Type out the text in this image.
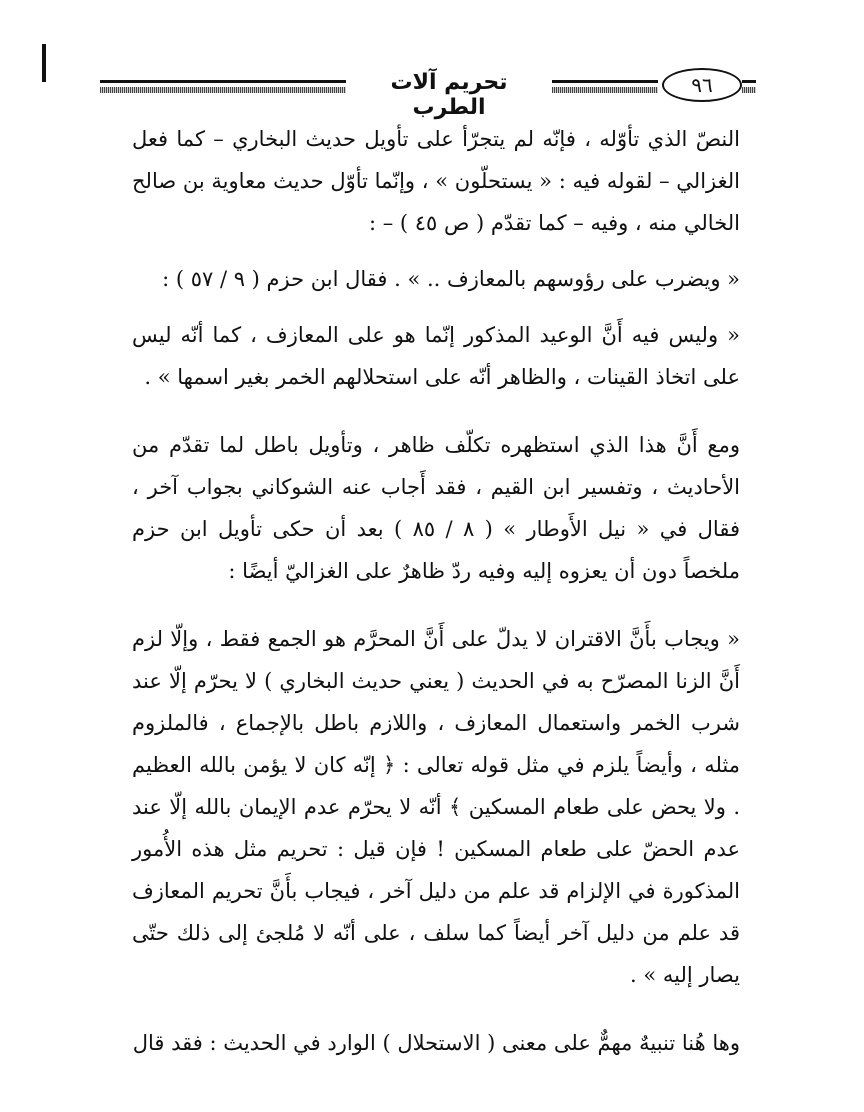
تحريم آلات الطرب
٩٦

النصّ الذي تأوّله ، فإنّه لم يتجرّأ على تأويل حديث البخاري – كما فعل الغزالي – لقوله فيه : « يستحلّون » ، وإنّما تأوّل حديث معاوية بن صالح الخالي منه ، وفيه – كما تقدّم ( ص ٤٥ ) – :

« ويضرب على رؤوسهم بالمعازف .. » . فقال ابن حزم ( ٩ / ٥٧ ) :

« وليس فيه أَنَّ الوعيد المذكور إنّما هو على المعازف ، كما أنّه ليس على اتخاذ القينات ، والظاهر أنّه على استحلالهم الخمر بغير اسمها » .

ومع أَنَّ هذا الذي استظهره تكلّف ظاهر ، وتأويل باطل لما تقدّم من الأحاديث ، وتفسير ابن القيم ، فقد أَجاب عنه الشوكاني بجواب آخر ، فقال في « نيل الأَوطار » ( ٨ / ٨٥ ) بعد أن حكى تأويل ابن حزم ملخصاً دون أن يعزوه إليه وفيه ردّ ظاهرٌ على الغزاليّ أيضًا :

« ويجاب بأَنَّ الاقتران لا يدلّ على أَنَّ المحرَّم هو الجمع فقط ، وإلّا لزم أَنَّ الزنا المصرّح به في الحديث ( يعني حديث البخاري ) لا يحرّم إلّا عند شرب الخمر واستعمال المعازف ، واللازم باطل بالإجماع ، فالملزوم مثله ، وأيضاً يلزم في مثل قوله تعالى : ﴿ إنّه كان لا يؤمن بالله العظيم . ولا يحض على طعام المسكين ﴾ أنّه لا يحرّم عدم الإيمان بالله إلّا عند عدم الحضّ على طعام المسكين ! فإن قيل : تحريم مثل هذه الأُمور المذكورة في الإلزام قد علم من دليل آخر ، فيجاب بأَنَّ تحريم المعازف قد علم من دليل آخر أيضاً كما سلف ، على أنّه لا مُلجئ إلى ذلك حتّى يصار إليه » .

وها هُنا تنبيهٌ مهمٌّ على معنى ( الاستحلال ) الوارد في الحديث : فقد قال
